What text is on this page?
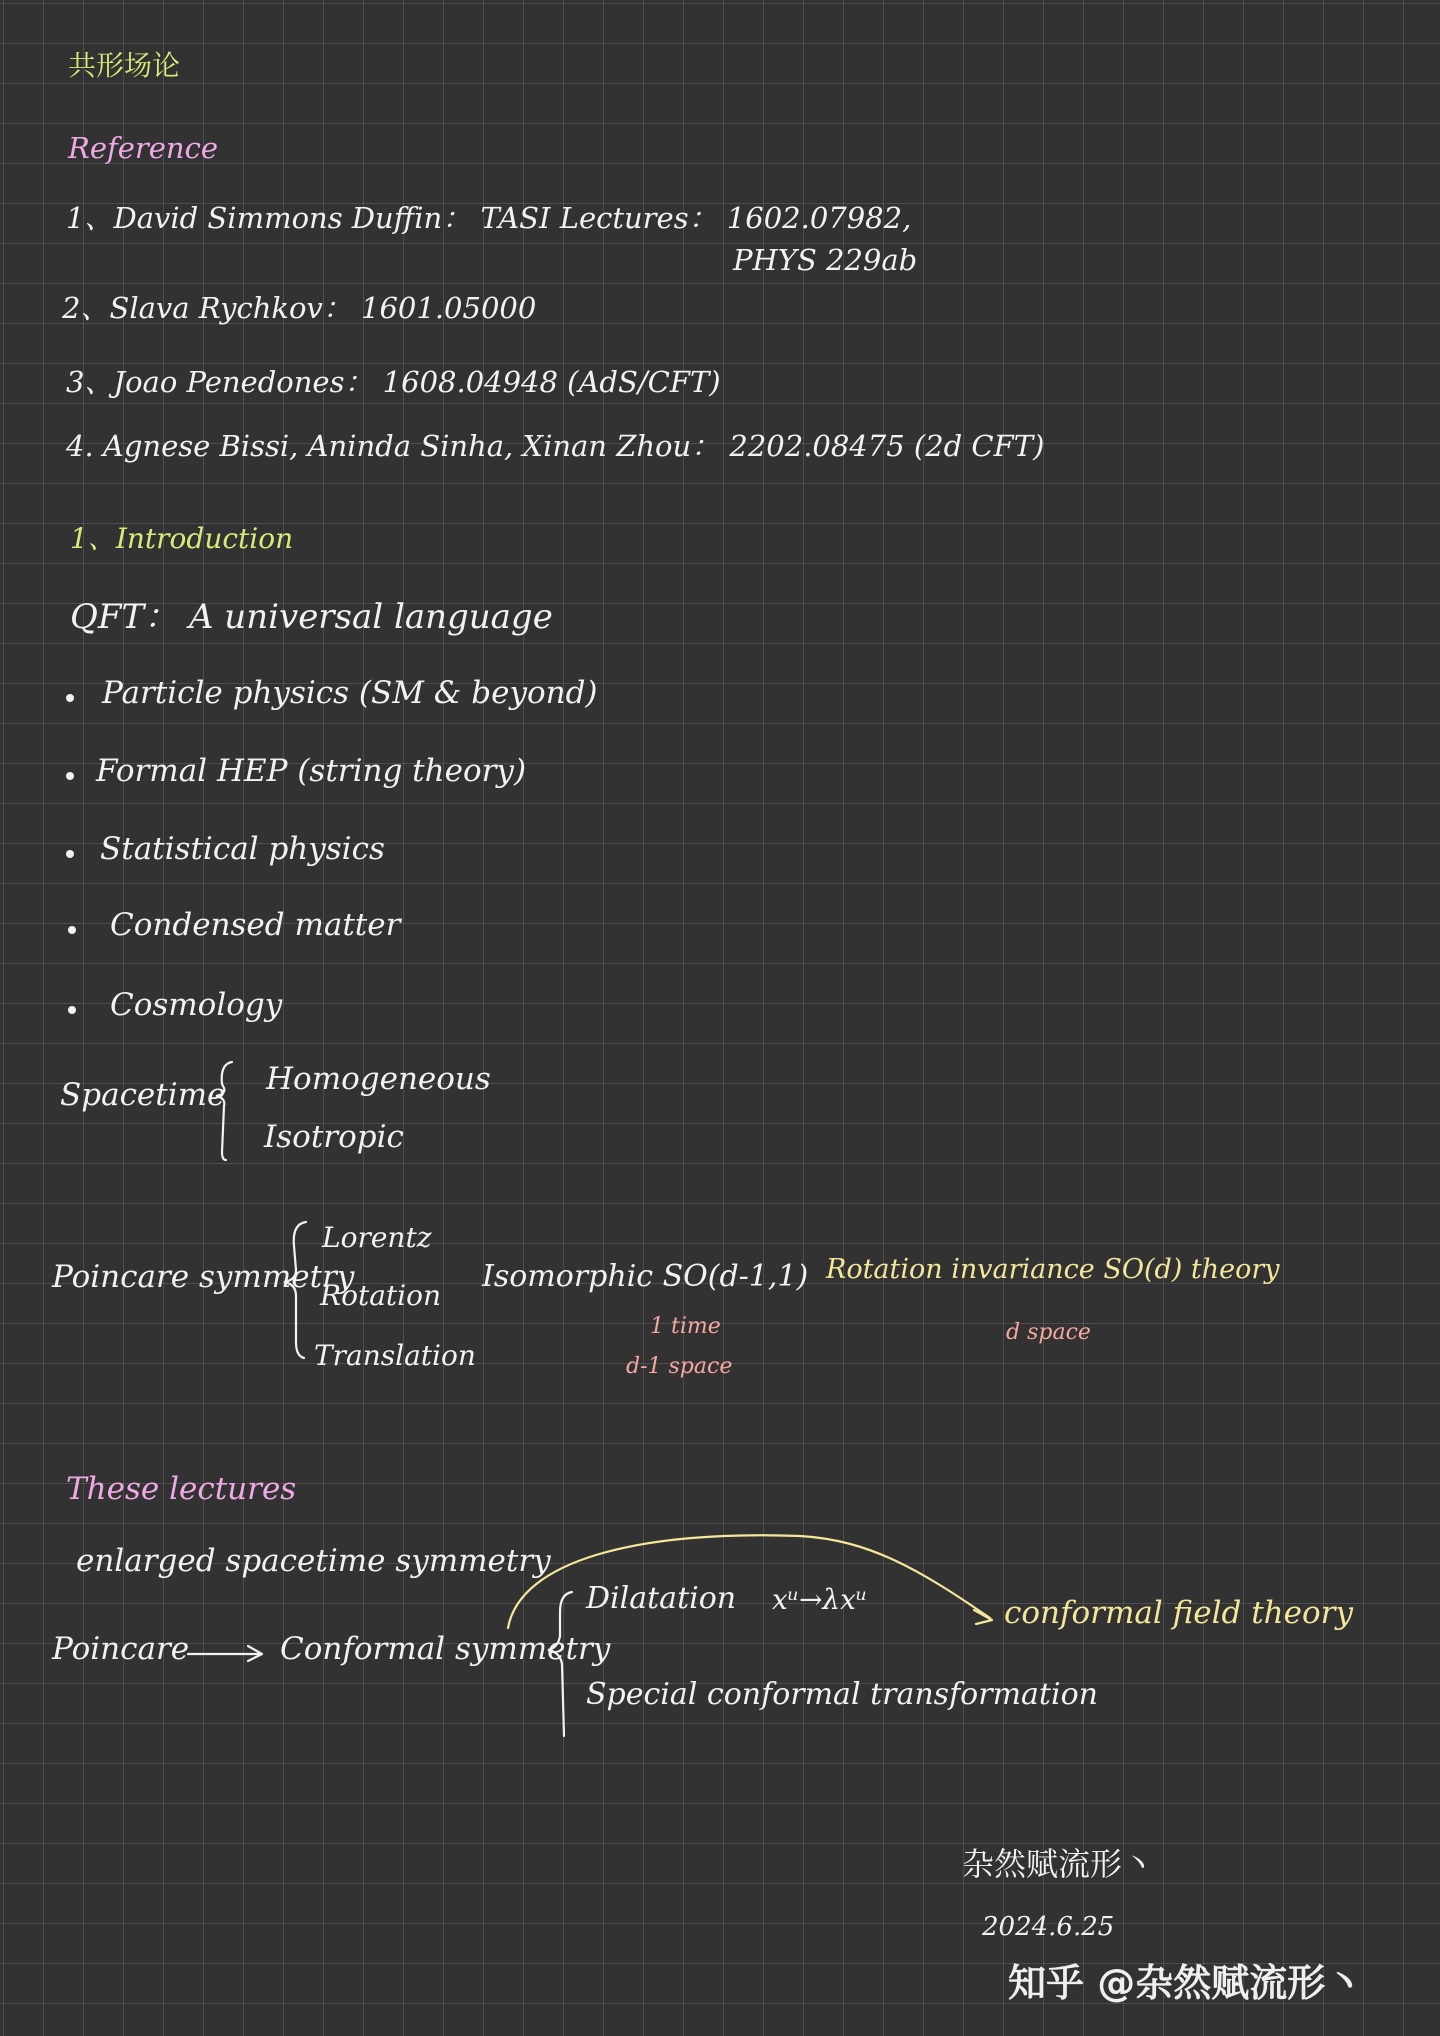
共形场论
Reference
1、David Simmons Duffin： TASI Lectures： 1602.07982,
PHYS 229ab
2、Slava Rychkov： 1601.05000
3、Joao Penedones： 1608.04948 (AdS/CFT)
4. Agnese Bissi, Aninda Sinha, Xinan Zhou： 2202.08475 (2d CFT)
1、Introduction
QFT： A universal language
Particle physics (SM & beyond)
Formal HEP (string theory)
Statistical physics
Condensed matter
Cosmology
Spacetime Homogeneous
Isotropic
Poincare symmetry
Lorentz
Rotation
Translation
Isomorphic SO(d-1,1)
1 time
d-1 space
Rotation invariance SO(d) theory
d space
These lectures
enlarged spacetime symmetry
Poincare	Conformal symmetry
Dilatation xᵘ→λxᵘ
Special conformal transformation
conformal field theory
杂然赋流形丶
2024.6.25
知乎 @杂然赋流形丶
